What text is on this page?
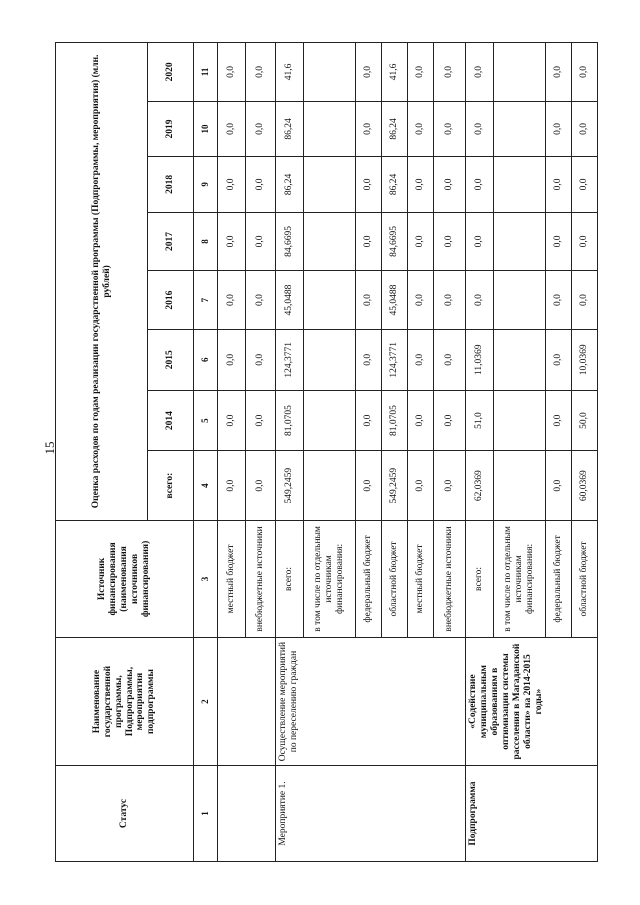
15
Статус	Наименование государственной программы, Подпрограммы, мероприятия подпрограммы	Источник финансирования (наименования источников финансирования)	Оценка расходов по годам реализации государственной программы (Подпрограммы, мероприятия) (млн. рублей)							
			всего:	2014	2015	2016	2017	2018	2019	2020
1	2	3	4	5	6	7	8	9	10	11
		местный бюджет	0,0	0,0	0,0	0,0	0,0	0,0	0,0	0,0
		внебюджетные источники	0,0	0,0	0,0	0,0	0,0	0,0	0,0	0,0
Мероприятие 1.	Осуществление мероприятий по переселению граждан	всего:	549,2459	81,0705	124,3771	45,0488	84,6695	86,24	86,24	41,6
		в том числе по отдельным источникам финансирования:								
		федеральный бюджет	0,0	0,0	0,0	0,0	0,0	0,0	0,0	0,0
		областной бюджет	549,2459	81,0705	124,3771	45,0488	84,6695	86,24	86,24	41,6
		местный бюджет	0,0	0,0	0,0	0,0	0,0	0,0	0,0	0,0
		внебюджетные источники	0,0	0,0	0,0	0,0	0,0	0,0	0,0	0,0
Подпрограмма	«Содействие муниципальным образованиям в оптимизации системы расселения в Магаданской области» на 2014-2015 годы»	всего:	62,0369	51,0	11,0369	0,0	0,0	0,0	0,0	0,0
		в том числе по отдельным источникам финансирования:								
		федеральный бюджет	0,0	0,0	0,0	0,0	0,0	0,0	0,0	0,0
		областной бюджет	60,0369	50,0	10,0369	0,0	0,0	0,0	0,0	0,0
